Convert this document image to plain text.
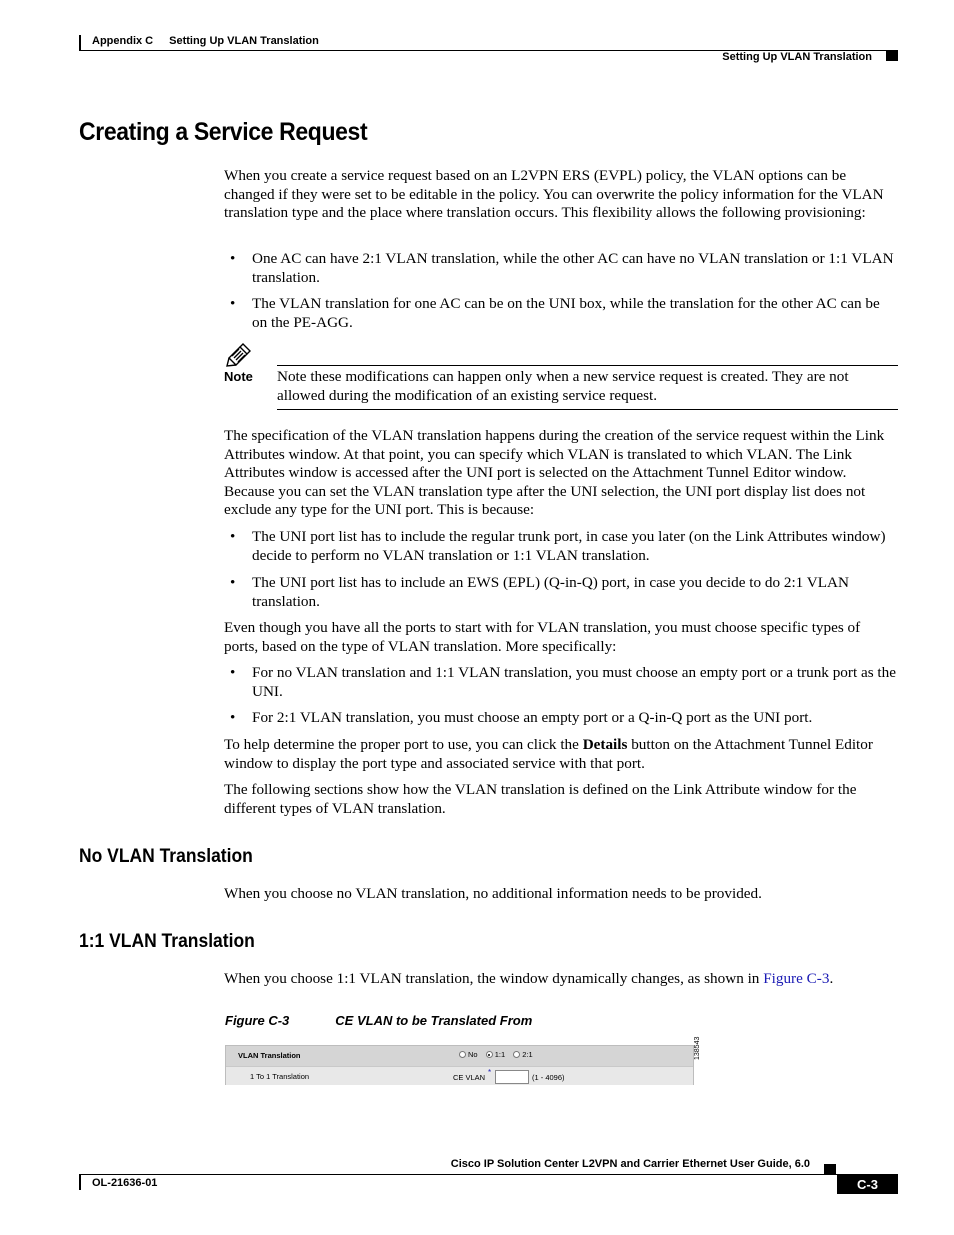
Appendix C Setting Up VLAN Translation
Setting Up VLAN Translation
Creating a Service Request

When you create a service request based on an L2VPN ERS (EVPL) policy, the VLAN options can be changed if they were set to be editable in the policy. You can overwrite the policy information for the VLAN translation type and the place where translation occurs. This flexibility allows the following provisioning:

• One AC can have 2:1 VLAN translation, while the other AC can have no VLAN translation or 1:1 VLAN translation.
• The VLAN translation for one AC can be on the UNI box, while the translation for the other AC can be on the PE-AGG.
Note Note these modifications can happen only when a new service request is created. They are not allowed during the modification of an existing service request.

The specification of the VLAN translation happens during the creation of the service request within the Link Attributes window. At that point, you can specify which VLAN is translated to which VLAN. The Link Attributes window is accessed after the UNI port is selected on the Attachment Tunnel Editor window. Because you can set the VLAN translation type after the UNI selection, the UNI port display list does not exclude any type for the UNI port. This is because:

• The UNI port list has to include the regular trunk port, in case you later (on the Link Attributes window) decide to perform no VLAN translation or 1:1 VLAN translation.
• The UNI port list has to include an EWS (EPL) (Q-in-Q) port, in case you decide to do 2:1 VLAN translation.

Even though you have all the ports to start with for VLAN translation, you must choose specific types of ports, based on the type of VLAN translation. More specifically:

• For no VLAN translation and 1:1 VLAN translation, you must choose an empty port or a trunk port as the UNI.
• For 2:1 VLAN translation, you must choose an empty port or a Q-in-Q port as the UNI port.

To help determine the proper port to use, you can click the Details button on the Attachment Tunnel Editor window to display the port type and associated service with that port.

The following sections show how the VLAN translation is defined on the Link Attribute window for the different types of VLAN translation.

No VLAN Translation

When you choose no VLAN translation, no additional information needs to be provided.

1:1 VLAN Translation

When you choose 1:1 VLAN translation, the window dynamically changes, as shown in Figure C-3.

Figure C-3	CE VLAN to be Translated From
VLAN Translation	No 1:1 2:1
1 To 1 Translation	CE VLAN
*
(1 - 4096)
138543
Cisco IP Solution Center L2VPN and Carrier Ethernet User Guide, 6.0
OL-21636-01	C-3
